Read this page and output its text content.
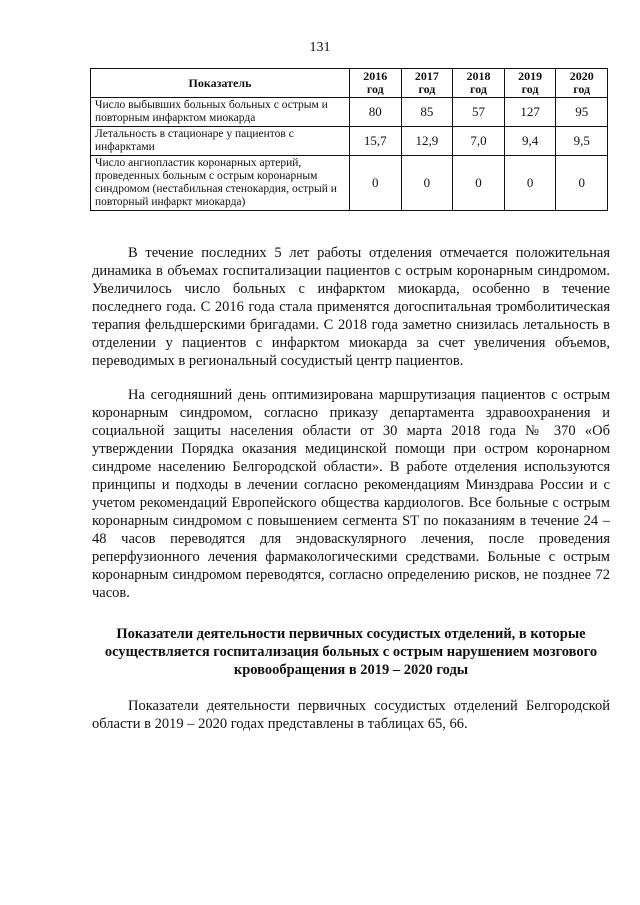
131
Показатель	2016 год	2017 год	2018 год	2019 год	2020 год
Число выбывших больных больных с острым и повторным инфарктом миокарда	80	85	57	127	95
Летальность в стационаре у пациентов с инфарктами	15,7	12,9	7,0	9,4	9,5
Число ангиопластик коронарных артерий, проведенных больным с острым коронарным синдромом (нестабильная стенокардия, острый и повторный инфаркт миокарда)	0	0	0	0	0

В течение последних 5 лет работы отделения отмечается положительная динамика в объемах госпитализации пациентов с острым коронарным синдромом. Увеличилось число больных с инфарктом миокарда, особенно в течение последнего года. С 2016 года стала применятся догоспитальная тромболитическая терапия фельдшерскими бригадами. С 2018 года заметно снизилась летальность в отделении у пациентов с инфарктом миокарда за счет увеличения объемов, переводимых в региональный сосудистый центр пациентов.

На сегодняшний день оптимизирована маршрутизация пациентов с острым коронарным синдромом, согласно приказу департамента здравоохранения и социальной защиты населения области от 30 марта 2018 года № 370 «Об утверждении Порядка оказания медицинской помощи при остром коронарном синдроме населению Белгородской области». В работе отделения используются принципы и подходы в лечении согласно рекомендациям Минздрава России и с учетом рекомендаций Европейского общества кардиологов. Все больные с острым коронарным синдромом с повышением сегмента ST по показаниям в течение 24 – 48 часов переводятся для эндоваскулярного лечения, после проведения реперфузионного лечения фармакологическими средствами. Больные с острым коронарным синдромом переводятся, согласно определению рисков, не позднее 72 часов.

Показатели деятельности первичных сосудистых отделений, в которые осуществляется госпитализация больных с острым нарушением мозгового кровообращения в 2019 – 2020 годы

Показатели деятельности первичных сосудистых отделений Белгородской области в 2019 – 2020 годах представлены в таблицах 65, 66.
